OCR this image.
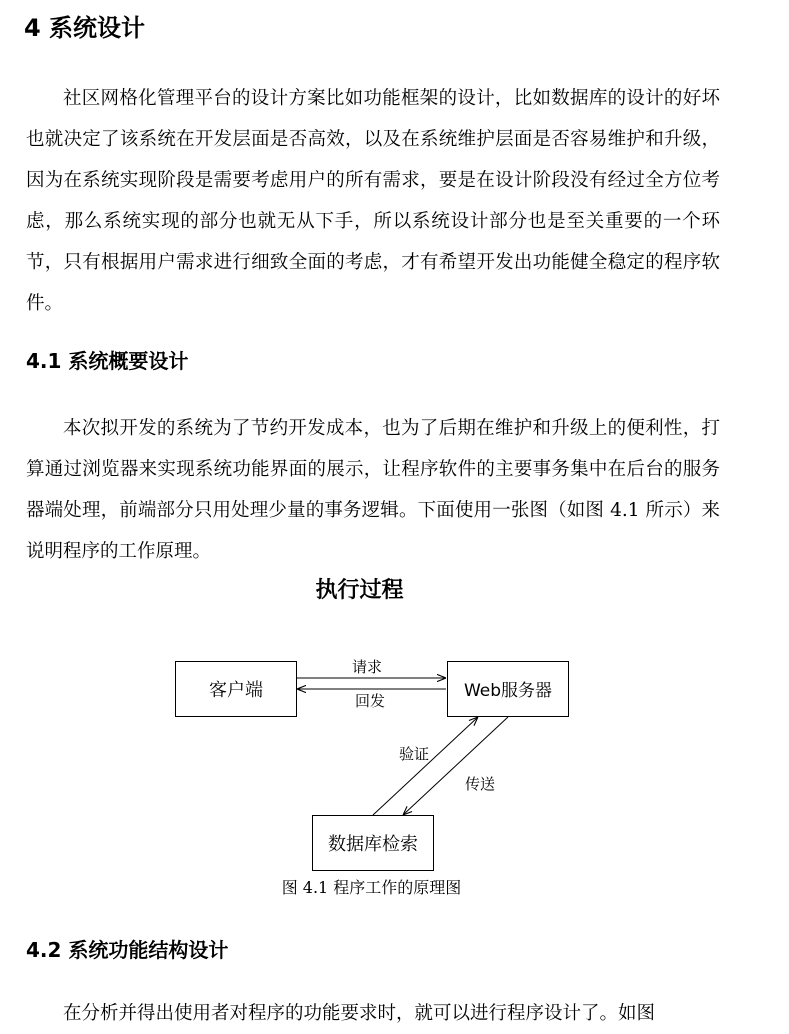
4 系统设计

社区网格化管理平台的设计方案比如功能框架的设计，比如数据库的设计的好坏也就决定了该系统在开发层面是否高效，以及在系统维护层面是否容易维护和升级，因为在系统实现阶段是需要考虑用户的所有需求，要是在设计阶段没有经过全方位考虑，那么系统实现的部分也就无从下手，所以系统设计部分也是至关重要的一个环节，只有根据用户需求进行细致全面的考虑，才有希望开发出功能健全稳定的程序软件。

4.1 系统概要设计

本次拟开发的系统为了节约开发成本，也为了后期在维护和升级上的便利性，打算通过浏览器来实现系统功能界面的展示，让程序软件的主要事务集中在后台的服务器端处理，前端部分只用处理少量的事务逻辑。下面使用一张图（如图 4.1 所示）来说明程序的工作原理。

执行过程
客户端	Web服务器
数据库检索
请求
回发
验证
传送
图 4.1 程序工作的原理图
4.2 系统功能结构设计

在分析并得出使用者对程序的功能要求时，就可以进行程序设计了。如图
